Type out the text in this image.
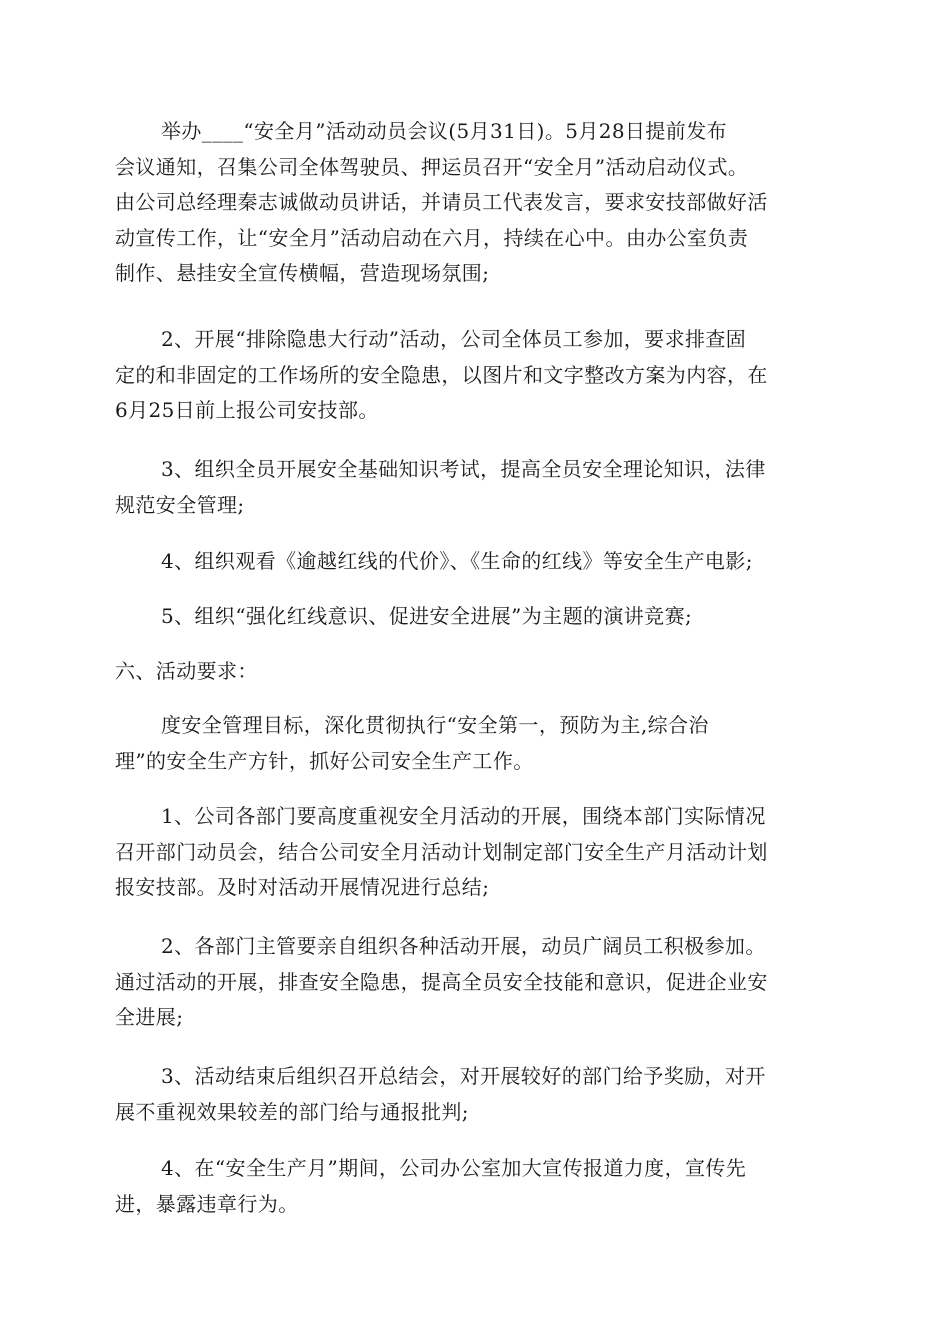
举办____“安全月”活动动员会议(5月31日)。5月28日提前发布
会议通知，召集公司全体驾驶员、押运员召开“安全月”活动启动仪式。
由公司总经理秦志诚做动员讲话，并请员工代表发言，要求安技部做好活
动宣传工作，让“安全月”活动启动在六月，持续在心中。由办公室负责
制作、悬挂安全宣传横幅，营造现场氛围;

2、开展“排除隐患大行动”活动，公司全体员工参加，要求排查固
定的和非固定的工作场所的安全隐患，以图片和文字整改方案为内容，在
6月25日前上报公司安技部。

3、组织全员开展安全基础知识考试，提高全员安全理论知识，法律
规范安全管理;

4、组织观看《逾越红线的代价》、《生命的红线》等安全生产电影;

5、组织“强化红线意识、促进安全进展”为主题的演讲竞赛;

六、活动要求：

度安全管理目标，深化贯彻执行“安全第一，预防为主,综合治
理”的安全生产方针，抓好公司安全生产工作。

1、公司各部门要高度重视安全月活动的开展，围绕本部门实际情况
召开部门动员会，结合公司安全月活动计划制定部门安全生产月活动计划
报安技部。及时对活动开展情况进行总结;

2、各部门主管要亲自组织各种活动开展，动员广阔员工积极参加。
通过活动的开展，排查安全隐患，提高全员安全技能和意识，促进企业安
全进展;

3、活动结束后组织召开总结会，对开展较好的部门给予奖励，对开
展不重视效果较差的部门给与通报批判;

4、在“安全生产月”期间，公司办公室加大宣传报道力度，宣传先
进，暴露违章行为。
